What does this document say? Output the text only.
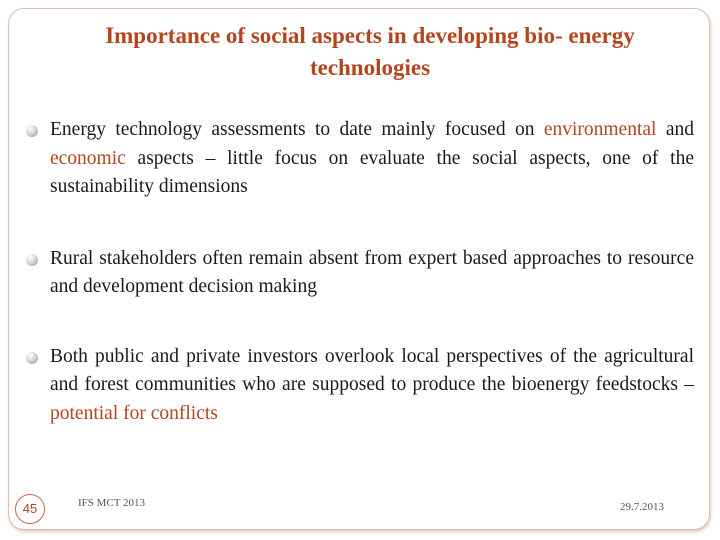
Importance of social aspects in developing bio- energy
technologies
Energy technology assessments to date mainly focused on environmental and economic aspects – little focus on evaluate the social aspects, one of the sustainability dimensions
Rural stakeholders often remain absent from expert based approaches to resource and development decision making
Both public and private investors overlook local perspectives of the agricultural and forest communities who are supposed to produce the bioenergy feedstocks – potential for conflicts
45	IFS MCT 2013	29.7.2013
